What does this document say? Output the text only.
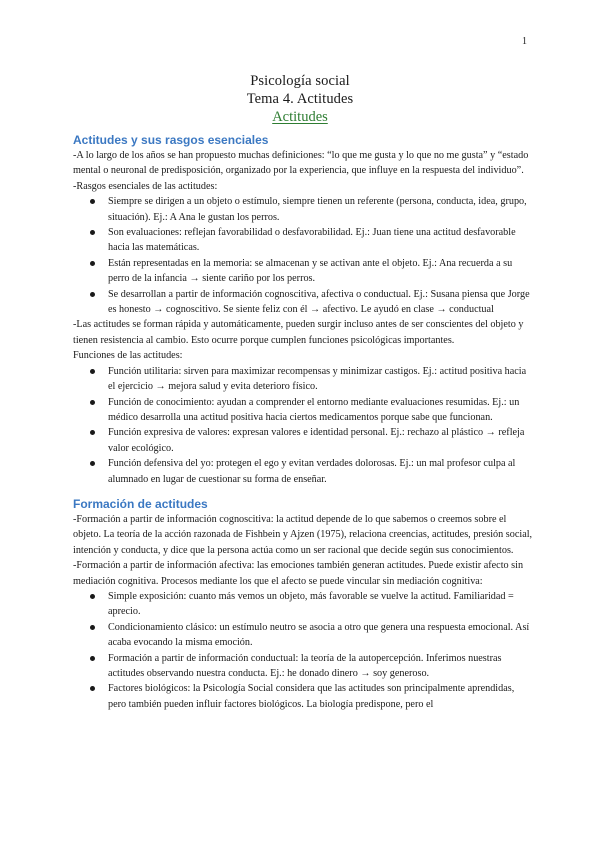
1
Psicología social
Tema 4. Actitudes
Actitudes
Actitudes y sus rasgos esenciales

-A lo largo de los años se han propuesto muchas definiciones: “lo que me gusta y lo que no me gusta” y “estado mental o neuronal de predisposición, organizado por la experiencia, que influye en la respuesta del individuo”.

-Rasgos esenciales de las actitudes:

Siempre se dirigen a un objeto o estímulo, siempre tienen un referente (persona, conducta, idea, grupo, situación). Ej.: A Ana le gustan los perros.
Son evaluaciones: reflejan favorabilidad o desfavorabilidad. Ej.: Juan tiene una actitud desfavorable hacia las matemáticas.
Están representadas en la memoria: se almacenan y se activan ante el objeto. Ej.: Ana recuerda a su perro de la infancia → siente cariño por los perros.
Se desarrollan a partir de información cognoscitiva, afectiva o conductual. Ej.: Susana piensa que Jorge es honesto → cognoscitivo. Se siente feliz con él → afectivo. Le ayudó en clase → conductual

-Las actitudes se forman rápida y automáticamente, pueden surgir incluso antes de ser conscientes del objeto y tienen resistencia al cambio. Esto ocurre porque cumplen funciones psicológicas importantes.

Funciones de las actitudes:

Función utilitaria: sirven para maximizar recompensas y minimizar castigos. Ej.: actitud positiva hacia el ejercicio → mejora salud y evita deterioro físico.
Función de conocimiento: ayudan a comprender el entorno mediante evaluaciones resumidas. Ej.: un médico desarrolla una actitud positiva hacia ciertos medicamentos porque sabe que funcionan.
Función expresiva de valores: expresan valores e identidad personal. Ej.: rechazo al plástico → refleja valor ecológico.
Función defensiva del yo: protegen el ego y evitan verdades dolorosas. Ej.: un mal profesor culpa al alumnado en lugar de cuestionar su forma de enseñar.
Formación de actitudes

-Formación a partir de información cognoscitiva: la actitud depende de lo que sabemos o creemos sobre el objeto. La teoría de la acción razonada de Fishbein y Ajzen (1975), relaciona creencias, actitudes, presión social, intención y conducta, y dice que la persona actúa como un ser racional que decide según sus conocimientos.

-Formación a partir de información afectiva: las emociones también generan actitudes. Puede existir afecto sin mediación cognitiva. Procesos mediante los que el afecto se puede vincular sin mediación cognitiva:

Simple exposición: cuanto más vemos un objeto, más favorable se vuelve la actitud. Familiaridad = aprecio.
Condicionamiento clásico: un estímulo neutro se asocia a otro que genera una respuesta emocional. Así acaba evocando la misma emoción.
Formación a partir de información conductual: la teoría de la autopercepción. Inferimos nuestras actitudes observando nuestra conducta. Ej.: he donado dinero → soy generoso.
Factores biológicos: la Psicología Social considera que las actitudes son principalmente aprendidas, pero también pueden influir factores biológicos. La biología predispone, pero el
